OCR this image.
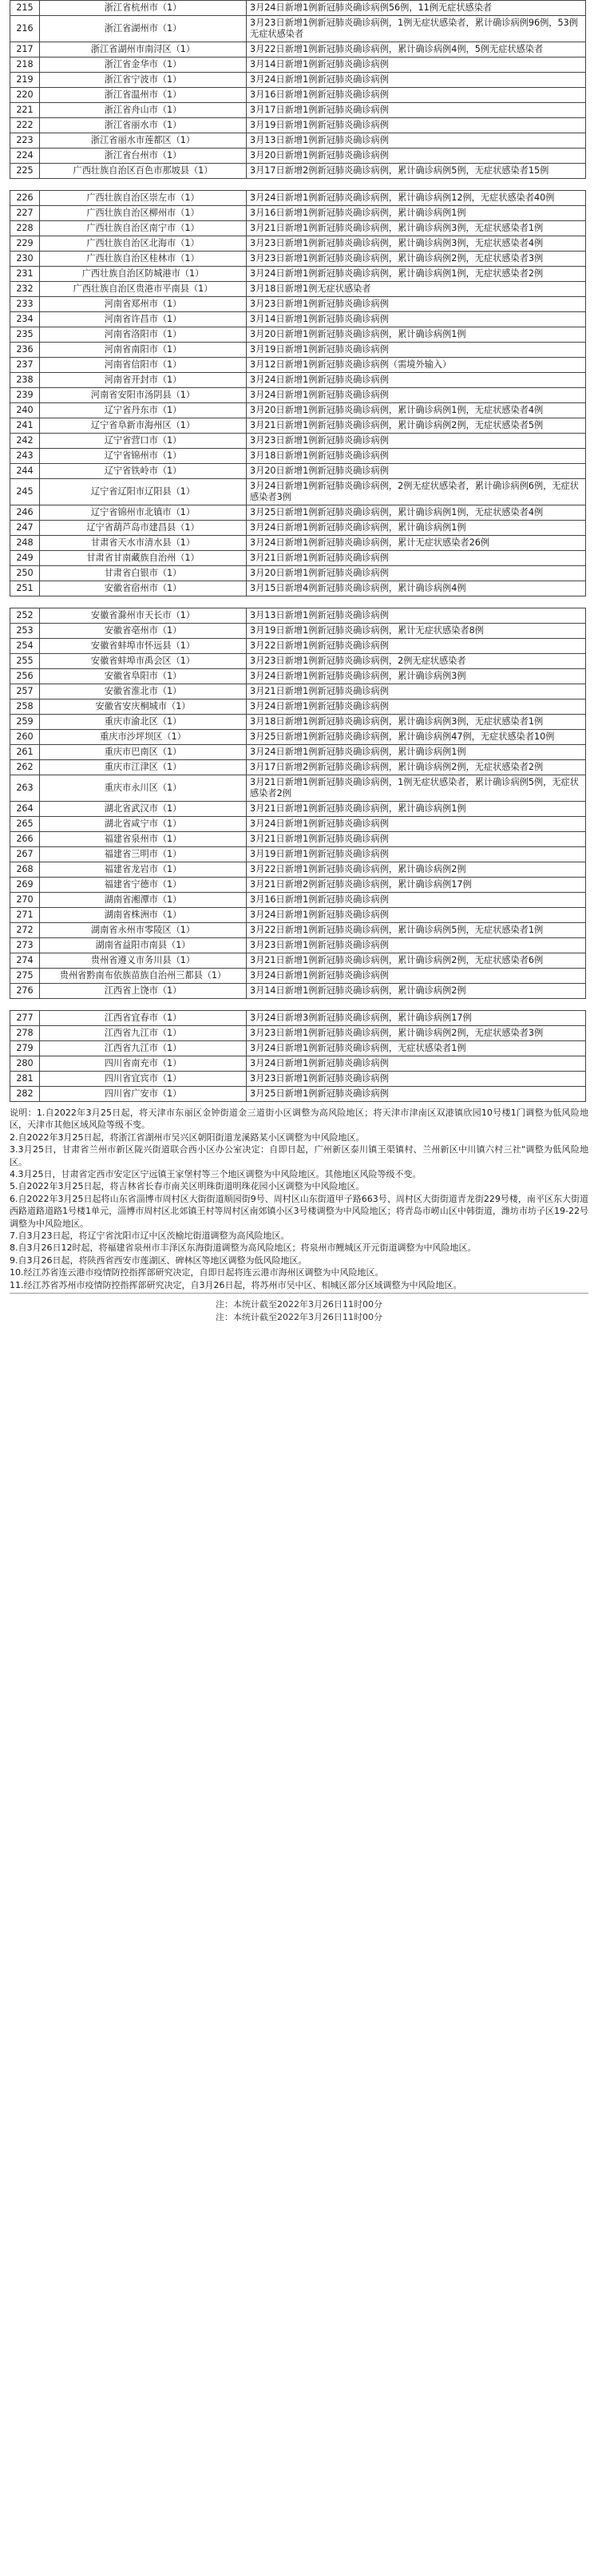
215	浙江省杭州市（1）	3月24日新增1例新冠肺炎确诊病例56例，11例无症状感染者
216	浙江省湖州市（1）	3月23日新增1例新冠肺炎确诊病例，1例无症状感染者，累计确诊病例96例，53例无症状感染者
217	浙江省湖州市南浔区（1）	3月22日新增1例新冠肺炎确诊病例，累计确诊病例4例，5例无症状感染者
218	浙江省金华市（1）	3月14日新增1例新冠肺炎确诊病例
219	浙江省宁波市（1）	3月24日新增1例新冠肺炎确诊病例
220	浙江省温州市（1）	3月16日新增1例新冠肺炎确诊病例
221	浙江省舟山市（1）	3月17日新增1例新冠肺炎确诊病例
222	浙江省丽水市（1）	3月19日新增1例新冠肺炎确诊病例
223	浙江省丽水市莲都区（1）	3月13日新增1例新冠肺炎确诊病例
224	浙江省台州市（1）	3月20日新增1例新冠肺炎确诊病例
225	广西壮族自治区百色市那坡县（1）	3月17日新增2例新冠肺炎确诊病例，累计确诊病例5例，无症状感染者15例
226	广西壮族自治区崇左市（1）	3月24日新增1例新冠肺炎确诊病例，累计确诊病例12例，无症状感染者40例
227	广西壮族自治区柳州市（1）	3月16日新增1例新冠肺炎确诊病例，累计确诊病例1例
228	广西壮族自治区南宁市（1）	3月21日新增1例新冠肺炎确诊病例，累计确诊病例3例，无症状感染者1例
229	广西壮族自治区北海市（1）	3月23日新增1例新冠肺炎确诊病例，累计确诊病例3例，无症状感染者4例
230	广西壮族自治区桂林市（1）	3月23日新增1例新冠肺炎确诊病例，累计确诊病例2例，无症状感染者3例
231	广西壮族自治区防城港市（1）	3月24日新增1例新冠肺炎确诊病例，累计确诊病例1例，无症状感染者2例
232	广西壮族自治区贵港市平南县（1）	3月18日新增1例无症状感染者
233	河南省郑州市（1）	3月23日新增1例新冠肺炎确诊病例
234	河南省许昌市（1）	3月14日新增1例新冠肺炎确诊病例
235	河南省洛阳市（1）	3月20日新增1例新冠肺炎确诊病例，累计确诊病例1例
236	河南省南阳市（1）	3月19日新增1例新冠肺炎确诊病例
237	河南省信阳市（1）	3月12日新增1例新冠肺炎确诊病例（需境外输入）
238	河南省开封市（1）	3月24日新增1例新冠肺炎确诊病例
239	河南省安阳市汤阴县（1）	3月24日新增1例新冠肺炎确诊病例
240	辽宁省丹东市（1）	3月20日新增1例新冠肺炎确诊病例，累计确诊病例1例，无症状感染者4例
241	辽宁省阜新市海州区（1）	3月21日新增1例新冠肺炎确诊病例，累计确诊病例2例，无症状感染者5例
242	辽宁省营口市（1）	3月23日新增1例新冠肺炎确诊病例
243	辽宁省锦州市（1）	3月18日新增1例新冠肺炎确诊病例
244	辽宁省铁岭市（1）	3月20日新增1例新冠肺炎确诊病例
245	辽宁省辽阳市辽阳县（1）	3月24日新增1例新冠肺炎确诊病例，2例无症状感染者，累计确诊病例6例，无症状感染者3例
246	辽宁省锦州市北镇市（1）	3月25日新增1例新冠肺炎确诊病例，累计确诊病例1例，无症状感染者4例
247	辽宁省葫芦岛市建昌县（1）	3月24日新增1例新冠肺炎确诊病例，累计确诊病例1例
248	甘肃省天水市清水县（1）	3月24日新增1例新冠肺炎确诊病例，累计无症状感染者26例
249	甘肃省甘南藏族自治州（1）	3月21日新增1例新冠肺炎确诊病例
250	甘肃省白银市（1）	3月20日新增1例新冠肺炎确诊病例
251	安徽省宿州市（1）	3月15日新增4例新冠肺炎确诊病例，累计确诊病例4例
252	安徽省滁州市天长市（1）	3月13日新增1例新冠肺炎确诊病例
253	安徽省亳州市（1）	3月19日新增1例新冠肺炎确诊病例，累计无症状感染者8例
254	安徽省蚌埠市怀远县（1）	3月22日新增1例新冠肺炎确诊病例
255	安徽省蚌埠市禹会区（1）	3月23日新增1例新冠肺炎确诊病例，2例无症状感染者
256	安徽省阜阳市（1）	3月24日新增1例新冠肺炎确诊病例，累计确诊病例3例
257	安徽省淮北市（1）	3月21日新增1例新冠肺炎确诊病例
258	安徽省安庆桐城市（1）	3月24日新增1例新冠肺炎确诊病例
259	重庆市渝北区（1）	3月18日新增1例新冠肺炎确诊病例，累计确诊病例3例，无症状感染者1例
260	重庆市沙坪坝区（1）	3月25日新增1例新冠肺炎确诊病例，累计确诊病例47例，无症状感染者10例
261	重庆市巴南区（1）	3月24日新增1例新冠肺炎确诊病例，累计确诊病例1例
262	重庆市江津区（1）	3月17日新增2例新冠肺炎确诊病例，累计确诊病例2例，无症状感染者2例
263	重庆市永川区（1）	3月21日新增1例新冠肺炎确诊病例，1例无症状感染者，累计确诊病例5例，无症状感染者2例
264	湖北省武汉市（1）	3月21日新增1例新冠肺炎确诊病例，累计确诊病例1例
265	湖北省咸宁市（1）	3月24日新增1例新冠肺炎确诊病例
266	福建省泉州市（1）	3月21日新增1例新冠肺炎确诊病例
267	福建省三明市（1）	3月19日新增1例新冠肺炎确诊病例
268	福建省龙岩市（1）	3月22日新增1例新冠肺炎确诊病例，累计确诊病例2例
269	福建省宁德市（1）	3月21日新增2例新冠肺炎确诊病例，累计确诊病例17例
270	湖南省湘潭市（1）	3月16日新增1例新冠肺炎确诊病例
271	湖南省株洲市（1）	3月24日新增1例新冠肺炎确诊病例
272	湖南省永州市零陵区（1）	3月22日新增1例新冠肺炎确诊病例，累计确诊病例5例，无症状感染者1例
273	湖南省益阳市南县（1）	3月23日新增1例新冠肺炎确诊病例
274	贵州省遵义市务川县（1）	3月21日新增1例新冠肺炎确诊病例，累计确诊病例2例，无症状感染者6例
275	贵州省黔南布依族苗族自治州三都县（1）	3月24日新增1例新冠肺炎确诊病例
276	江西省上饶市（1）	3月14日新增1例新冠肺炎确诊病例，累计确诊病例2例
277	江西省宜春市（1）	3月24日新增3例新冠肺炎确诊病例，累计确诊病例17例
278	江西省九江市（1）	3月23日新增1例新冠肺炎确诊病例，累计确诊病例2例，无症状感染者3例
279	江西省九江市（1）	3月24日新增1例新冠肺炎确诊病例，无症状感染者1例
280	四川省南充市（1）	3月24日新增1例新冠肺炎确诊病例
281	四川省宜宾市（1）	3月23日新增1例新冠肺炎确诊病例
282	四川省广安市（1）	3月25日新增1例新冠肺炎确诊病例

说明：1.自2022年3月25日起，将天津市东丽区金钟街道金三道街小区调整为高风险地区；将天津市津南区双港镇欣园10号楼1门调整为低风险地区，天津市其他区域风险等级不变。

2.自2022年3月25日起，将浙江省湖州市吴兴区朝阳街道龙溪路某小区调整为中风险地区。

3.3月25日，甘肃省兰州市新区陇兴街道联合西小区办公室决定：自即日起，广州新区泰川镇王渠镇村、兰州新区中川镇六村三社"调整为低风险地区。

4.3月25日，甘肃省定西市安定区宁远镇王家堡村等三个地区调整为中风险地区。其他地区风险等级不变。

5.自2022年3月25日起，将吉林省长春市南关区明珠街道明珠花园小区调整为中风险地区。

6.自2022年3月25日起将山东省淄博市周村区大街街道顺园街9号、周村区山东街道甲子路663号、周村区大街街道青龙街229号楼，南平区东大街道西路道路道路1号楼1单元，淄博市周村区北郊镇王村等周村区南郊镇小区3号楼调整为中风险地区；将青岛市崂山区中韩街道，潍坊市坊子区19-22号调整为中风险地区。

7.自3月23日起，将辽宁省沈阳市辽中区茨榆坨街道调整为高风险地区。

8.自3月26日12时起，将福建省泉州市丰泽区东海街道调整为高风险地区；将泉州市鲤城区开元街道调整为中风险地区。

9.自3月26日起，将陕西省西安市莲湖区、碑林区等地区调整为低风险地区。

10.经江苏省连云港市疫情防控指挥部研究决定，自即日起将连云港市海州区调整为中风险地区。

11.经江苏省苏州市疫情防控指挥部研究决定，自3月26日起，将苏州市吴中区、相城区部分区域调整为中风险地区。

注：本统计截至2022年3月26日11时00分
注：本统计截至2022年3月26日11时00分
